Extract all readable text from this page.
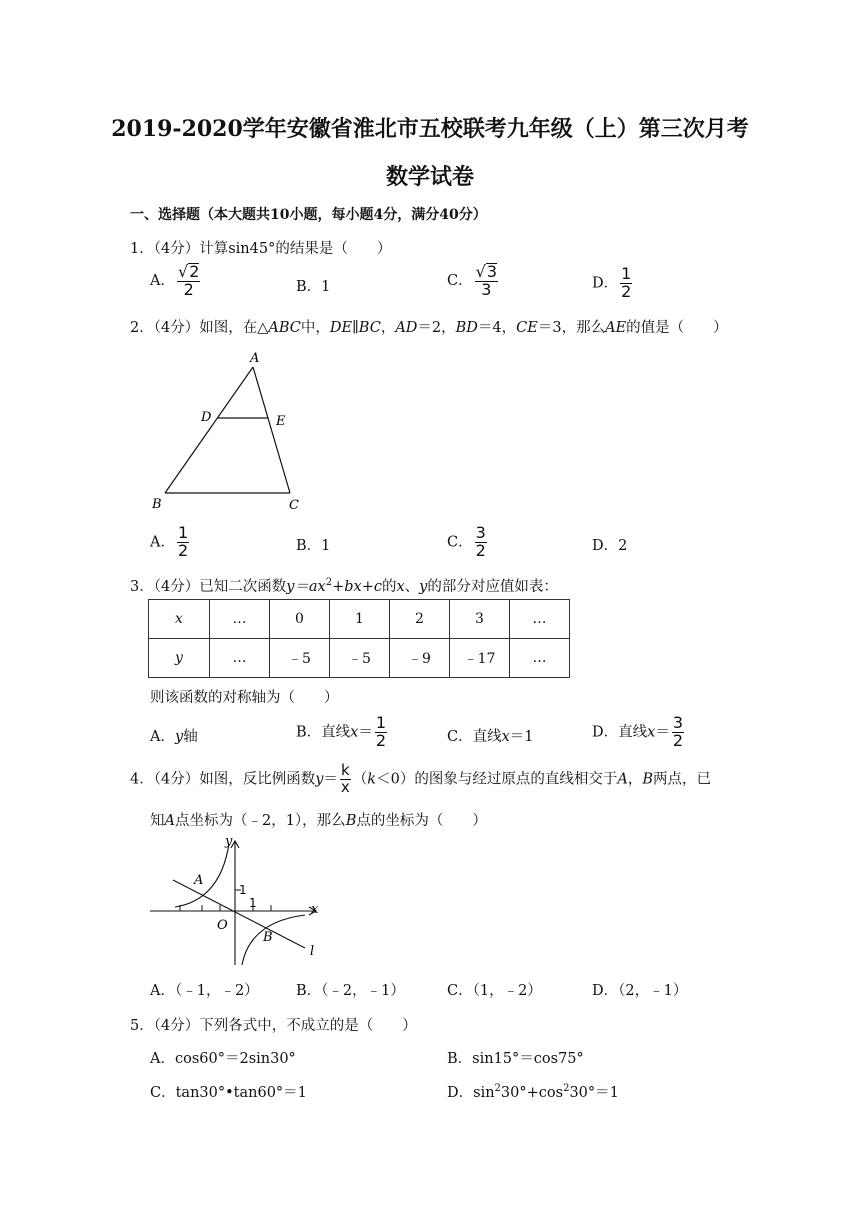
2019-2020学年安徽省淮北市五校联考九年级（上）第三次月考
数学试卷
一、选择题（本大题共10小题，每小题4分，满分40分）
1．（4分）计算sin45°的结果是（　　）
A． $\frac{√ 2}{2}$	B．1	C． $\frac{√ 3}{3}$	D． $\frac{1}{2}$
2．（4分）如图，在△ABC中，DE∥BC，AD＝2，BD＝4，CE＝3，那么AE的值是（　　）
A
D	E
B	C
A． $\frac{1}{2}$	B．1	C． $\frac{3}{2}$	D．2
3．（4分）已知二次函数$y=ax^2+bx+c$的x、y的部分对应值如表：
x	…	0	1	2	3	…
y	…	﹣5	﹣5	﹣9	﹣17	…
则该函数的对称轴为（　　）
A．y轴	B．直线$x= \frac{1}{2}$	C．直线x＝1	D．直线$x= \frac{3}{2}$
4．（4分）如图，反比例函数$y= \frac{k}{x} (k<0)$的图象与经过原点的直线相交于A，B两点，已
知A点坐标为（﹣2，1），那么B点的坐标为（　　）
y
x
A
B
O
1
1
l
A．（﹣1，﹣2）	B．（﹣2，﹣1）	C．（1，﹣2）	D．（2，﹣1）
5．（4分）下列各式中，不成立的是（　　）
A．cos60°＝2sin30°	B．sin15°＝cos75°
C．tan30°•tan60°＝1	D．$\sin^230^\circ+\cos^230^\circ=1$
